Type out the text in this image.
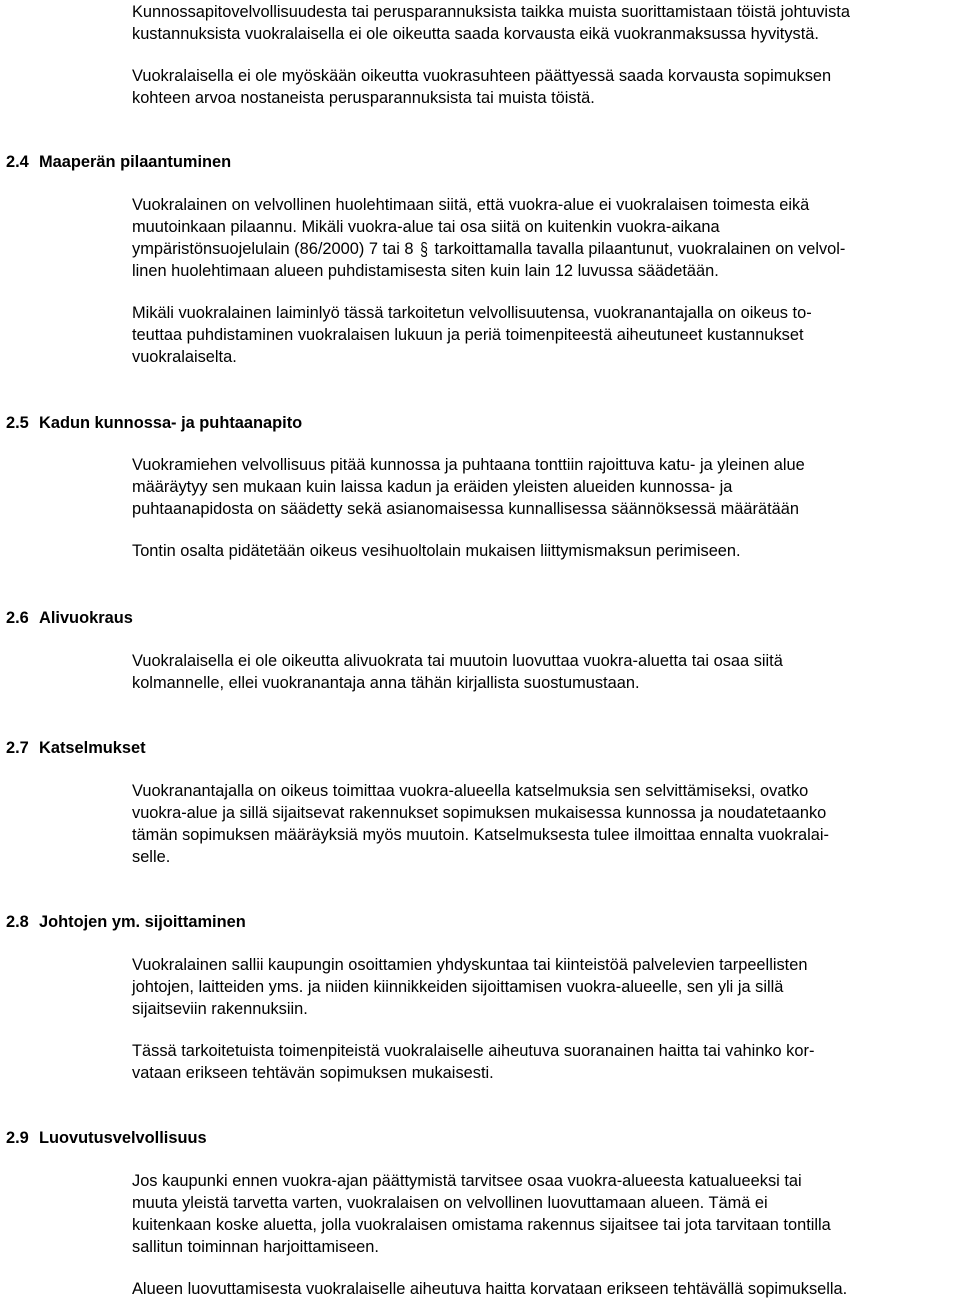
Kunnossapitovelvollisuudesta tai perusparannuksista taikka muista suorittamistaan töistä johtuvista
kustannuksista vuokralaisella ei ole oikeutta saada korvausta eikä vuokranmaksussa hyvitystä.
Vuokralaisella ei ole myöskään oikeutta vuokrasuhteen päättyessä saada korvausta sopimuksen
kohteen arvoa nostaneista perusparannuksista tai muista töistä.
2.4 Maaperän pilaantuminen
Vuokralainen on velvollinen huolehtimaan siitä, että vuokra-alue ei vuokralaisen toimesta eikä
muutoinkaan pilaannu. Mikäli vuokra-alue tai osa siitä on kuitenkin vuokra-aikana
ympäristönsuojelulain (86/2000) 7 tai 8 § tarkoittamalla tavalla pilaantunut, vuokralainen on velvol-
linen huolehtimaan alueen puhdistamisesta siten kuin lain 12 luvussa säädetään.
Mikäli vuokralainen laiminlyö tässä tarkoitetun velvollisuutensa, vuokranantajalla on oikeus to-
teuttaa puhdistaminen vuokralaisen lukuun ja periä toimenpiteestä aiheutuneet kustannukset
vuokralaiselta.
2.5 Kadun kunnossa- ja puhtaanapito
Vuokramiehen velvollisuus pitää kunnossa ja puhtaana tonttiin rajoittuva katu- ja yleinen alue
määräytyy sen mukaan kuin laissa kadun ja eräiden yleisten alueiden kunnossa- ja
puhtaanapidosta on säädetty sekä asianomaisessa kunnallisessa säännöksessä määrätään
Tontin osalta pidätetään oikeus vesihuoltolain mukaisen liittymismaksun perimiseen.
2.6 Alivuokraus
Vuokralaisella ei ole oikeutta alivuokrata tai muutoin luovuttaa vuokra-aluetta tai osaa siitä
kolmannelle, ellei vuokranantaja anna tähän kirjallista suostumustaan.
2.7 Katselmukset
Vuokranantajalla on oikeus toimittaa vuokra-alueella katselmuksia sen selvittämiseksi, ovatko
vuokra-alue ja sillä sijaitsevat rakennukset sopimuksen mukaisessa kunnossa ja noudatetaanko
tämän sopimuksen määräyksiä myös muutoin. Katselmuksesta tulee ilmoittaa ennalta vuokralai-
selle.
2.8 Johtojen ym. sijoittaminen
Vuokralainen sallii kaupungin osoittamien yhdyskuntaa tai kiinteistöä palvelevien tarpeellisten
johtojen, laitteiden yms. ja niiden kiinnikkeiden sijoittamisen vuokra-alueelle, sen yli ja sillä
sijaitseviin rakennuksiin.
Tässä tarkoitetuista toimenpiteistä vuokralaiselle aiheutuva suoranainen haitta tai vahinko kor-
vataan erikseen tehtävän sopimuksen mukaisesti.
2.9 Luovutusvelvollisuus
Jos kaupunki ennen vuokra-ajan päättymistä tarvitsee osaa vuokra-alueesta katualueeksi tai
muuta yleistä tarvetta varten, vuokralaisen on velvollinen luovuttamaan alueen. Tämä ei
kuitenkaan koske aluetta, jolla vuokralaisen omistama rakennus sijaitsee tai jota tarvitaan tontilla
sallitun toiminnan harjoittamiseen.
Alueen luovuttamisesta vuokralaiselle aiheutuva haitta korvataan erikseen tehtävällä sopimuksella.
